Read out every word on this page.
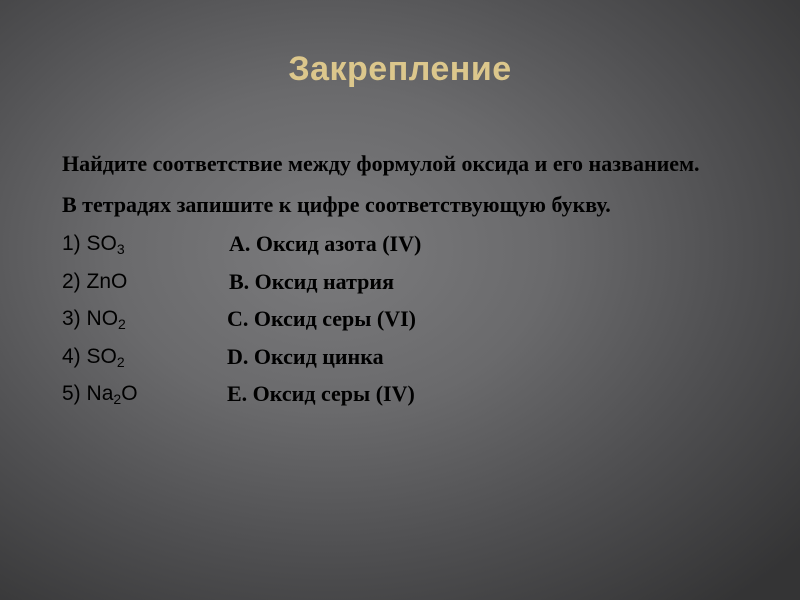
Закрепление
Найдите соответствие между формулой оксида и его названием.
В тетрадях запишите к цифре соответствующую букву.
1) $SO_3$	А. Оксид азота (IV)
2) ZnO	В. Оксид натрия
3) $NO_2$	С. Оксид серы (VI)
4) $SO_2$	D. Оксид цинка
5) $Na_2O$	E. Оксид серы (IV)
